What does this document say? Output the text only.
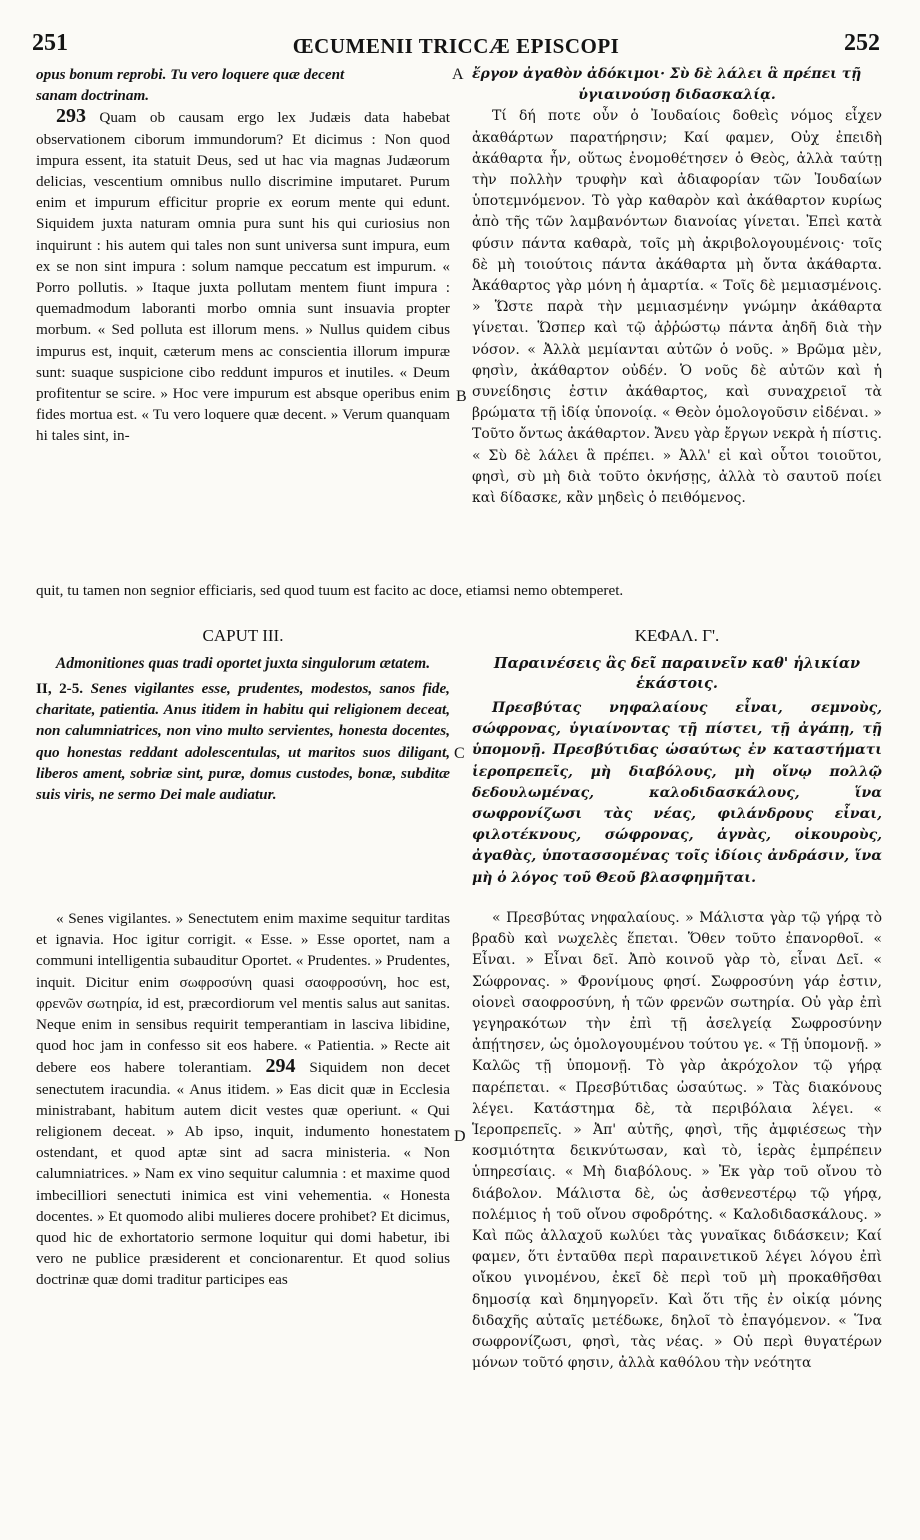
251	ŒCUMENII TRICCÆ EPISCOPI	252
A
B
C
D

opus bonum reprobi. Tu vero loquere quæ decent

sanam doctrinam.

293 Quam ob causam ergo lex Judæis data habebat observationem ciborum immundorum? Et dicimus : Non quod impura essent, ita statuit Deus, sed ut hac via magnas Judæorum delicias, vescentium omnibus nullo discrimine imputaret. Purum enim et impurum efficitur proprie ex eorum mente qui edunt. Siquidem juxta naturam omnia pura sunt his qui curiosius non inquirunt : his autem qui tales non sunt universa sunt impura, eum ex se non sint impura : solum namque peccatum est impurum. « Porro pollutis. » Itaque juxta pollutam mentem fiunt impura : quemadmodum laboranti morbo omnia sunt insuavia propter morbum. « Sed polluta est illorum mens. » Nullus quidem cibus impurus est, inquit, cæterum mens ac conscientia illorum impuræ sunt: suaque suspicione cibo reddunt impuros et inutiles. « Deum profitentur se scire. » Hoc vere impurum est absque operibus enim fides mortua est. « Tu vero loquere quæ decent. » Verum quanquam hi tales sint, in-

ἔργον ἀγαθὸν ἀδόκιμοι· Σὺ δὲ λάλει ἃ πρέπει τῇ

ὑγιαινούσῃ διδασκαλίᾳ.

Τί δή ποτε οὖν ὁ Ἰουδαίοις δοθεὶς νόμος εἶχεν ἀκαθάρτων παρατήρησιν; Καί φαμεν, Οὐχ ἐπειδὴ ἀκάθαρτα ἦν, οὕτως ἐνομοθέτησεν ὁ Θεὸς, ἀλλὰ ταύτῃ τὴν πολλὴν τρυφὴν καὶ ἀδιαφορίαν τῶν Ἰουδαίων ὑποτεμνόμενον. Τὸ γὰρ καθαρὸν καὶ ἀκάθαρτον κυρίως ἀπὸ τῆς τῶν λαμβανόντων διανοίας γίνεται. Ἐπεὶ κατὰ φύσιν πάντα καθαρὰ, τοῖς μὴ ἀκριβολογουμένοις· τοῖς δὲ μὴ τοιούτοις πάντα ἀκάθαρτα μὴ ὄντα ἀκάθαρτα. Ἀκάθαρτος γὰρ μόνη ἡ ἁμαρτία. « Τοῖς δὲ μεμιασμένοις. » Ὥστε παρὰ τὴν μεμιασμένην γνώμην ἀκάθαρτα γίνεται. Ὥσπερ καὶ τῷ ἀῤῥώστῳ πάντα ἀηδῆ διὰ τὴν νόσον. « Ἀλλὰ μεμίανται αὐτῶν ὁ νοῦς. » Βρῶμα μὲν, φησὶν, ἀκάθαρτον οὐδέν. Ὁ νοῦς δὲ αὐτῶν καὶ ἡ συνείδησις ἐστιν ἀκάθαρτος, καὶ συναχρειοῖ τὰ βρώματα τῇ ἰδίᾳ ὑπονοίᾳ. « Θεὸν ὁμολογοῦσιν εἰδέναι. » Τοῦτο ὄντως ἀκάθαρτον. Ἄνευ γὰρ ἔργων νεκρὰ ἡ πίστις. « Σὺ δὲ λάλει ἃ πρέπει. » Ἀλλ' εἰ καὶ οὗτοι τοιοῦτοι, φησὶ, σὺ μὴ διὰ τοῦτο ὀκνήσῃς, ἀλλὰ τὸ σαυτοῦ ποίει καὶ δίδασκε, κἂν μηδεὶς ὁ πειθόμενος.

quit, tu tamen non segnior efficiaris, sed quod tuum est facito ac doce, etiamsi nemo obtemperet.

CAPUT III.

Admonitiones quas tradi oportet juxta singulorum ætatem.

II, 2-5. Senes vigilantes esse, prudentes, modestos, sanos fide, charitate, patientia. Anus itidem in habitu qui religionem deceat, non calumniatrices, non vino multo servientes, honesta docentes, quo honestas reddant adolescentulas, ut maritos suos diligant, liberos ament, sobriæ sint, puræ, domus custodes, bonæ, subditæ suis viris, ne sermo Dei male audiatur.

ΚΕΦΑΛ. Γ'.

Παραινέσεις ἃς δεῖ παραινεῖν καθ' ἡλικίαν ἑκάστοις.

Πρεσβύτας νηφαλαίους εἶναι, σεμνοὺς, σώφρονας, ὑγιαίνοντας τῇ πίστει, τῇ ἀγάπῃ, τῇ ὑπομονῇ. Πρεσβύτιδας ὡσαύτως ἐν καταστήματι ἱεροπρεπεῖς, μὴ διαβόλους, μὴ οἴνῳ πολλῷ δεδουλωμένας, καλοδιδασκάλους, ἵνα σωφρονίζωσι τὰς νέας, φιλάνδρους εἶναι, φιλοτέκνους, σώφρονας, ἁγνὰς, οἰκουροὺς, ἀγαθὰς, ὑποτασσομένας τοῖς ἰδίοις ἀνδράσιν, ἵνα μὴ ὁ λόγος τοῦ Θεοῦ βλασφημῆται.

« Senes vigilantes. » Senectutem enim maxime sequitur tarditas et ignavia. Hoc igitur corrigit. « Esse. » Esse oportet, nam a communi intelligentia subauditur Oportet. « Prudentes. » Prudentes, inquit. Dicitur enim σωφροσύνη quasi σαοφροσύνη, hoc est, φρενῶν σωτηρία, id est, præcordiorum vel mentis salus aut sanitas. Neque enim in sensibus requirit temperantiam in lasciva libidine, quod hoc jam in confesso sit eos habere. « Patientia. » Recte ait debere eos habere tolerantiam. 294 Siquidem non decet senectutem iracundia. « Anus itidem. » Eas dicit quæ in Ecclesia ministrabant, habitum autem dicit vestes quæ operiunt. « Qui religionem deceat. » Ab ipso, inquit, indumento honestatem ostendant, et quod aptæ sint ad sacra ministeria. « Non calumniatrices. » Nam ex vino sequitur calumnia : et maxime quod imbecilliori senectuti inimica est vini vehementia. « Honesta docentes. » Et quomodo alibi mulieres docere prohibet? Et dicimus, quod hic de exhortatorio sermone loquitur qui domi habetur, ibi vero ne publice præsiderent et concionarentur. Et quod solius doctrinæ quæ domi traditur participes eas

« Πρεσβύτας νηφαλαίους. » Μάλιστα γὰρ τῷ γήρᾳ τὸ βραδὺ καὶ νωχελὲς ἕπεται. Ὅθεν τοῦτο ἐπανορθοῖ. « Εἶναι. » Εἶναι δεῖ. Ἀπὸ κοινοῦ γὰρ τὸ, εἶναι Δεῖ. « Σώφρονας. » Φρονίμους φησί. Σωφροσύνη γάρ ἐστιν, οἱονεὶ σαοφροσύνη, ἡ τῶν φρενῶν σωτηρία. Οὐ γὰρ ἐπὶ γεγηρακότων τὴν ἐπὶ τῇ ἀσελγείᾳ Σωφροσύνην ἀπῄτησεν, ὡς ὁμολογουμένου τούτου γε. « Τῇ ὑπομονῇ. » Καλῶς τῇ ὑπομονῇ. Τὸ γὰρ ἀκρόχολον τῷ γήρᾳ παρέπεται. « Πρεσβύτιδας ὡσαύτως. » Τὰς διακόνους λέγει. Κατάστημα δὲ, τὰ περιβόλαια λέγει. « Ἱεροπρεπεῖς. » Ἀπ' αὐτῆς, φησὶ, τῆς ἀμφιέσεως τὴν κοσμιότητα δεικνύτωσαν, καὶ τὸ, ἱερὰς ἐμπρέπειν ὑπηρεσίαις. « Μὴ διαβόλους. » Ἐκ γὰρ τοῦ οἴνου τὸ διάβολον. Μάλιστα δὲ, ὡς ἀσθενεστέρῳ τῷ γήρᾳ, πολέμιος ἡ τοῦ οἴνου σφοδρότης. « Καλοδιδασκάλους. » Καὶ πῶς ἀλλαχοῦ κωλύει τὰς γυναῖκας διδάσκειν; Καί φαμεν, ὅτι ἐνταῦθα περὶ παραινετικοῦ λέγει λόγου ἐπὶ οἴκου γινομένου, ἐκεῖ δὲ περὶ τοῦ μὴ προκαθῆσθαι δημοσίᾳ καὶ δημηγορεῖν. Καὶ ὅτι τῆς ἐν οἰκίᾳ μόνης διδαχῆς αὐταῖς μετέδωκε, δηλοῖ τὸ ἐπαγόμενον. « Ἵνα σωφρονίζωσι, φησὶ, τὰς νέας. » Οὐ περὶ θυγατέρων μόνων τοῦτό φησιν, ἀλλὰ καθόλου τὴν νεότητα
